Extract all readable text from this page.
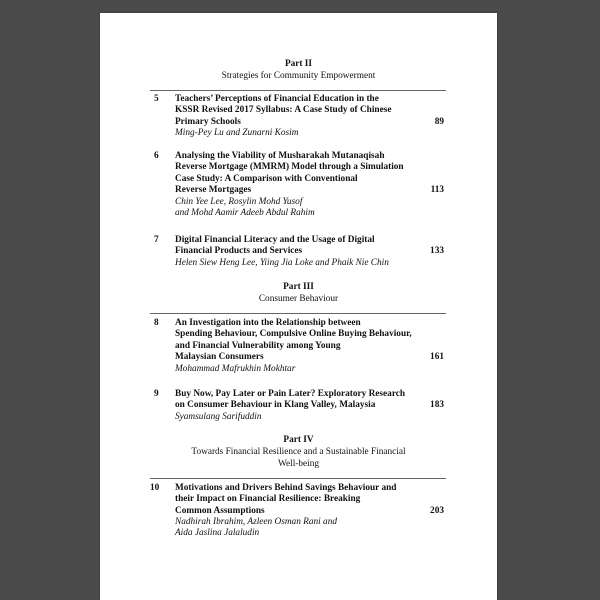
Part II
Strategies for Community Empowerment
5 Teachers’ Perceptions of Financial Education in the
KSSR Revised 2017 Syllabus: A Case Study of Chinese
Primary Schools
Ming-Pey Lu and Zunarni Kosim
89
6 Analysing the Viability of Musharakah Mutanaqisah
Reverse Mortgage (MMRM) Model through a Simulation
Case Study: A Comparison with Conventional
Reverse Mortgages
Chin Yee Lee, Rosylin Mohd Yusof
and Mohd Aamir Adeeb Abdul Rahim
113
7 Digital Financial Literacy and the Usage of Digital
Financial Products and Services
Helen Siew Heng Lee, Yiing Jia Loke and Phaik Nie Chin
133
Part III
Consumer Behaviour
8 An Investigation into the Relationship between
Spending Behaviour, Compulsive Online Buying Behaviour,
and Financial Vulnerability among Young
Malaysian Consumers
Mohammad Mafrukhin Mokhtar
161
9 Buy Now, Pay Later or Pain Later? Exploratory Research
on Consumer Behaviour in Klang Valley, Malaysia
Syamsulang Sarifuddin
183
Part IV
Towards Financial Resilience and a Sustainable Financial
Well-being
10 Motivations and Drivers Behind Savings Behaviour and
their Impact on Financial Resilience: Breaking
Common Assumptions
Nadhirah Ibrahim, Azleen Osman Rani and
Aida Jaslina Jalaludin
203
